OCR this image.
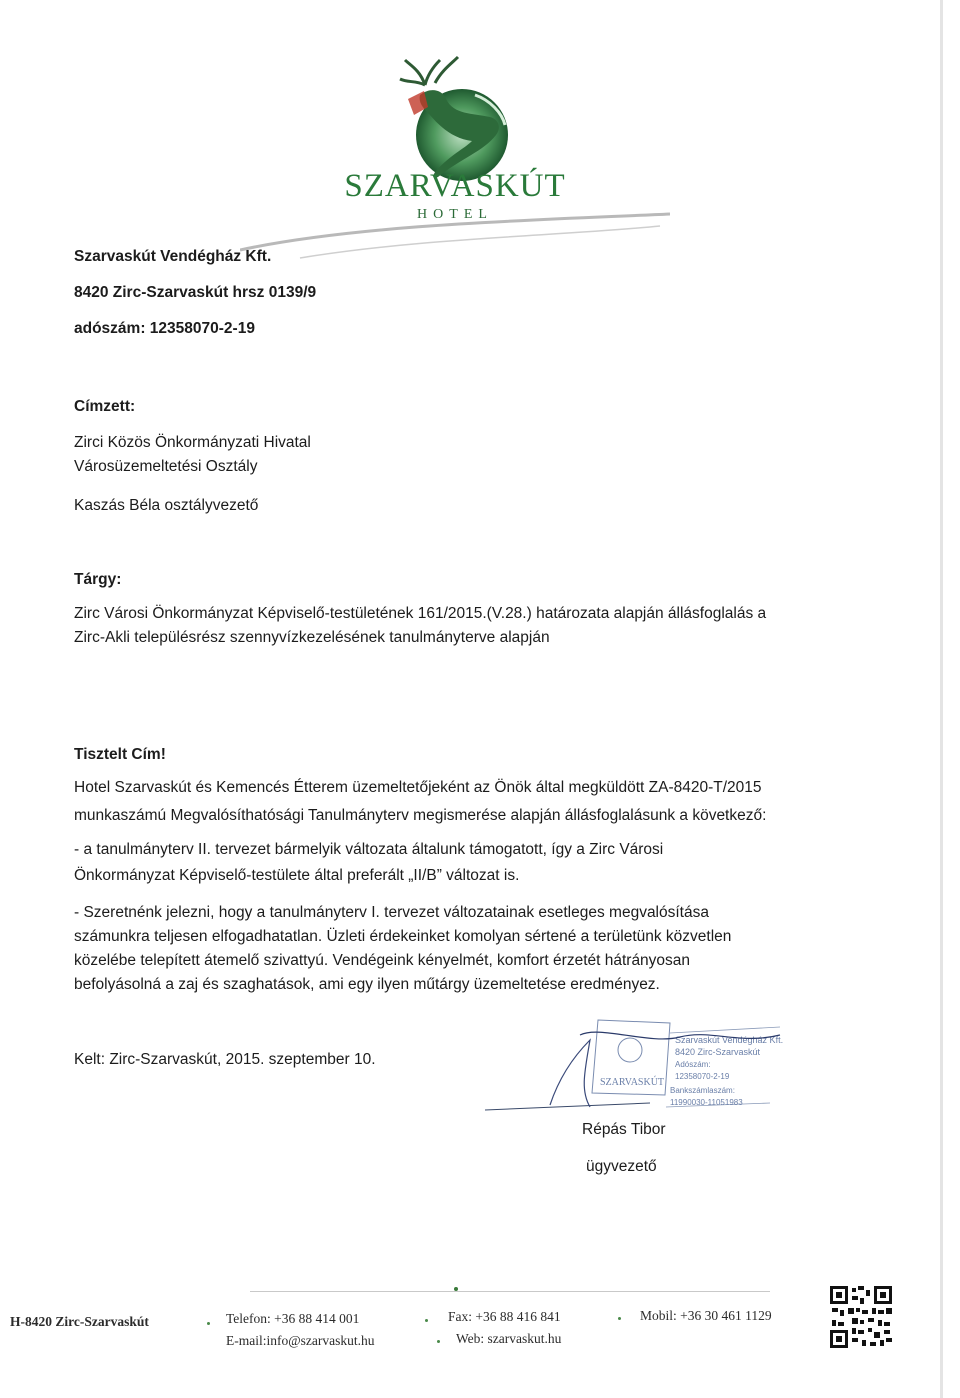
SZARVASKÚT
HOTEL
Szarvaskút Vendégház Kft.
8420 Zirc-Szarvaskút hrsz 0139/9
adószám: 12358070-2-19
Címzett:
Zirci Közös Önkormányzati Hivatal
Városüzemeltetési Osztály
Kaszás Béla osztályvezető
Tárgy:
Zirc Városi Önkormányzat Képviselő-testületének 161/2015.(V.28.) határozata alapján állásfoglalás a
Zirc-Akli településrész szennyvízkezelésének tanulmányterve alapján
Tisztelt Cím!
Hotel Szarvaskút és Kemencés Étterem üzemeltetőjeként az Önök által megküldött ZA-8420-T/2015
munkaszámú Megvalósíthatósági Tanulmányterv megismerése alapján állásfoglalásunk a következő:
- a tanulmányterv II. tervezet bármelyik változata általunk támogatott, így a Zirc Városi
Önkormányzat Képviselő-testülete által preferált „II/B” változat is.
- Szeretnénk jelezni, hogy a tanulmányterv I. tervezet változatainak esetleges megvalósítása
számunkra teljesen elfogadhatatlan. Üzleti érdekeinket komolyan sértené a területünk közvetlen
közelébe telepített átemelő szivattyú. Vendégeink kényelmét, komfort érzetét hátrányosan
befolyásolná a zaj és szaghatások, ami egy ilyen műtárgy üzemeltetése eredményez.
Kelt: Zirc-Szarvaskút, 2015. szeptember 10.
SZARVASKÚT
Szarvaskút Vendégház Kft.
8420 Zirc-Szarvaskút
Adószám:
12358070-2-19
Bankszámlaszám:
11990030-11051983
Répás Tibor
ügyvezető
H-8420 Zirc-Szarvaskút	Telefon: +36 88 414 001	Fax: +36 88 416 841	Mobil: +36 30 461 1129
E-mail:info@szarvaskut.hu	Web: szarvaskut.hu
